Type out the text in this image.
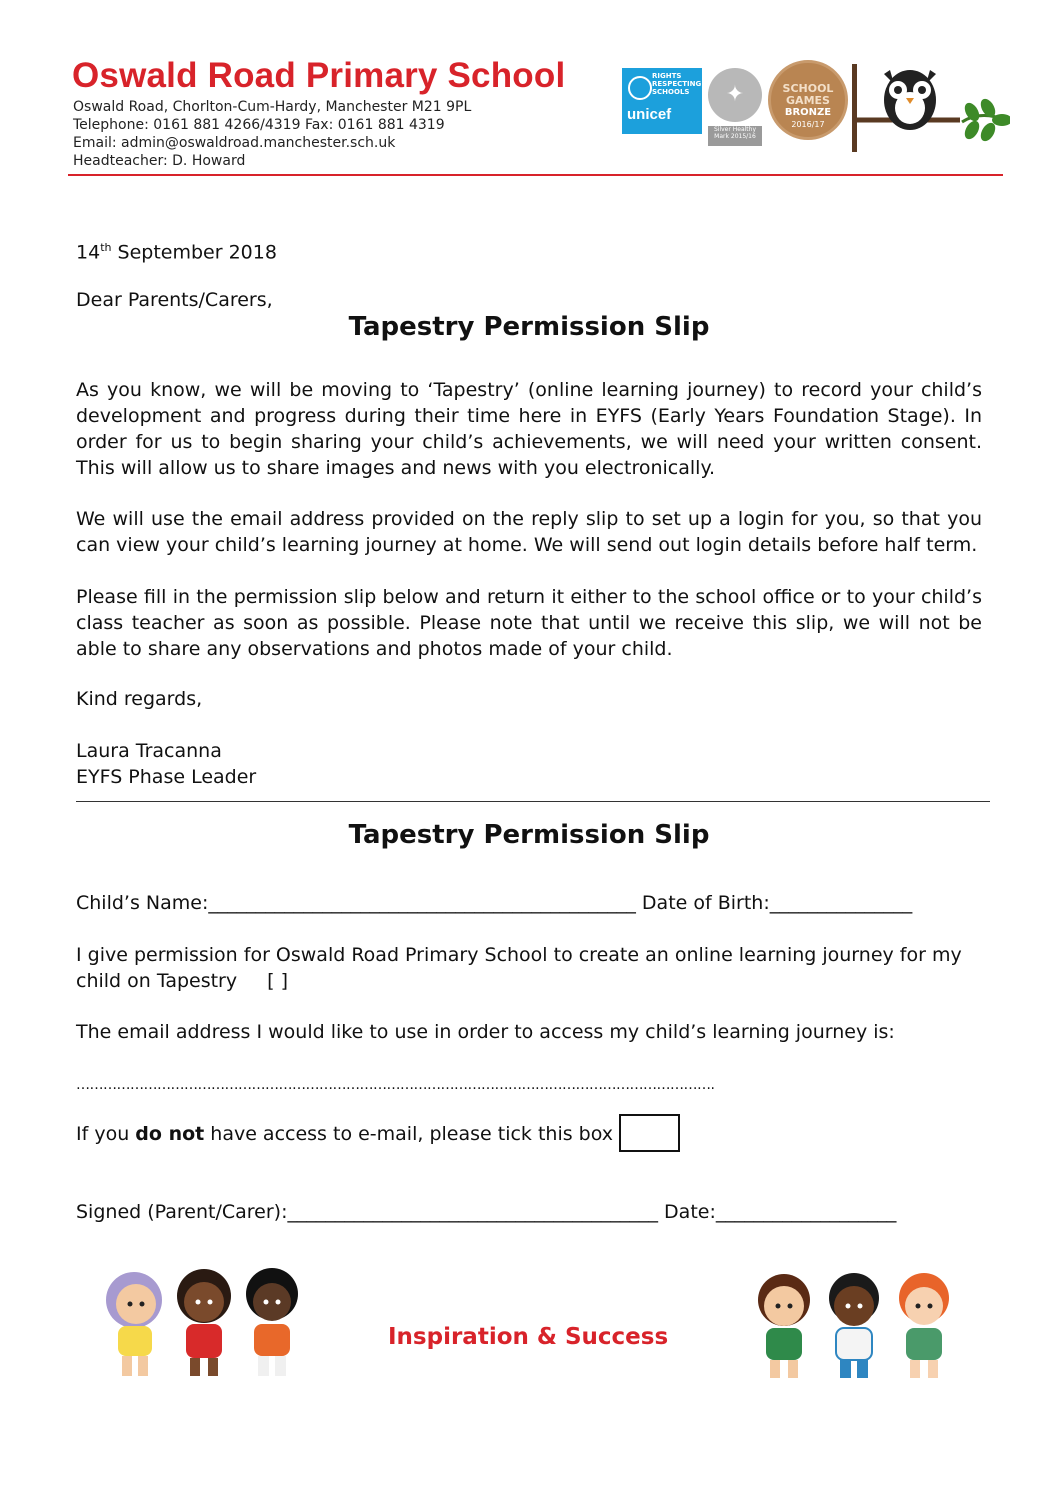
Oswald Road Primary School
Oswald Road, Chorlton-Cum-Hardy, Manchester M21 9PL
Telephone: 0161 881 4266/4319 Fax: 0161 881 4319
Email: admin@oswaldroad.manchester.sch.uk
Headteacher: D. Howard
RIGHTS RESPECTING SCHOOLS
unicef
✦
Silver Healthy Mark 2015/16
SCHOOL GAMES
BRONZE
2016/17
14th September 2018
Dear Parents/Carers,
Tapestry Permission Slip
As you know, we will be moving to ‘Tapestry’ (online learning journey) to record your child’s development and progress during their time here in EYFS (Early Years Foundation Stage). In order for us to begin sharing your child’s achievements, we will need your written consent. This will allow us to share images and news with you electronically.
We will use the email address provided on the reply slip to set up a login for you, so that you can view your child’s learning journey at home. We will send out login details before half term.
Please fill in the permission slip below and return it either to the school office or to your child’s class teacher as soon as possible. Please note that until we receive this slip, we will not be able to share any observations and photos made of your child.
Kind regards,
Laura Tracanna
EYFS Phase Leader
Tapestry Permission Slip
Child’s Name:_____________________________________________ Date of Birth:_______________
I give permission for Oswald Road Primary School to create an online learning journey for my
child on Tapestry [ ]
The email address I would like to use in order to access my child’s learning journey is:
…………………………………………………………………………………………………………………………….
If you do not have access to e-mail, please tick this box
Signed (Parent/Carer):_______________________________________ Date:___________________
Inspiration & Success
